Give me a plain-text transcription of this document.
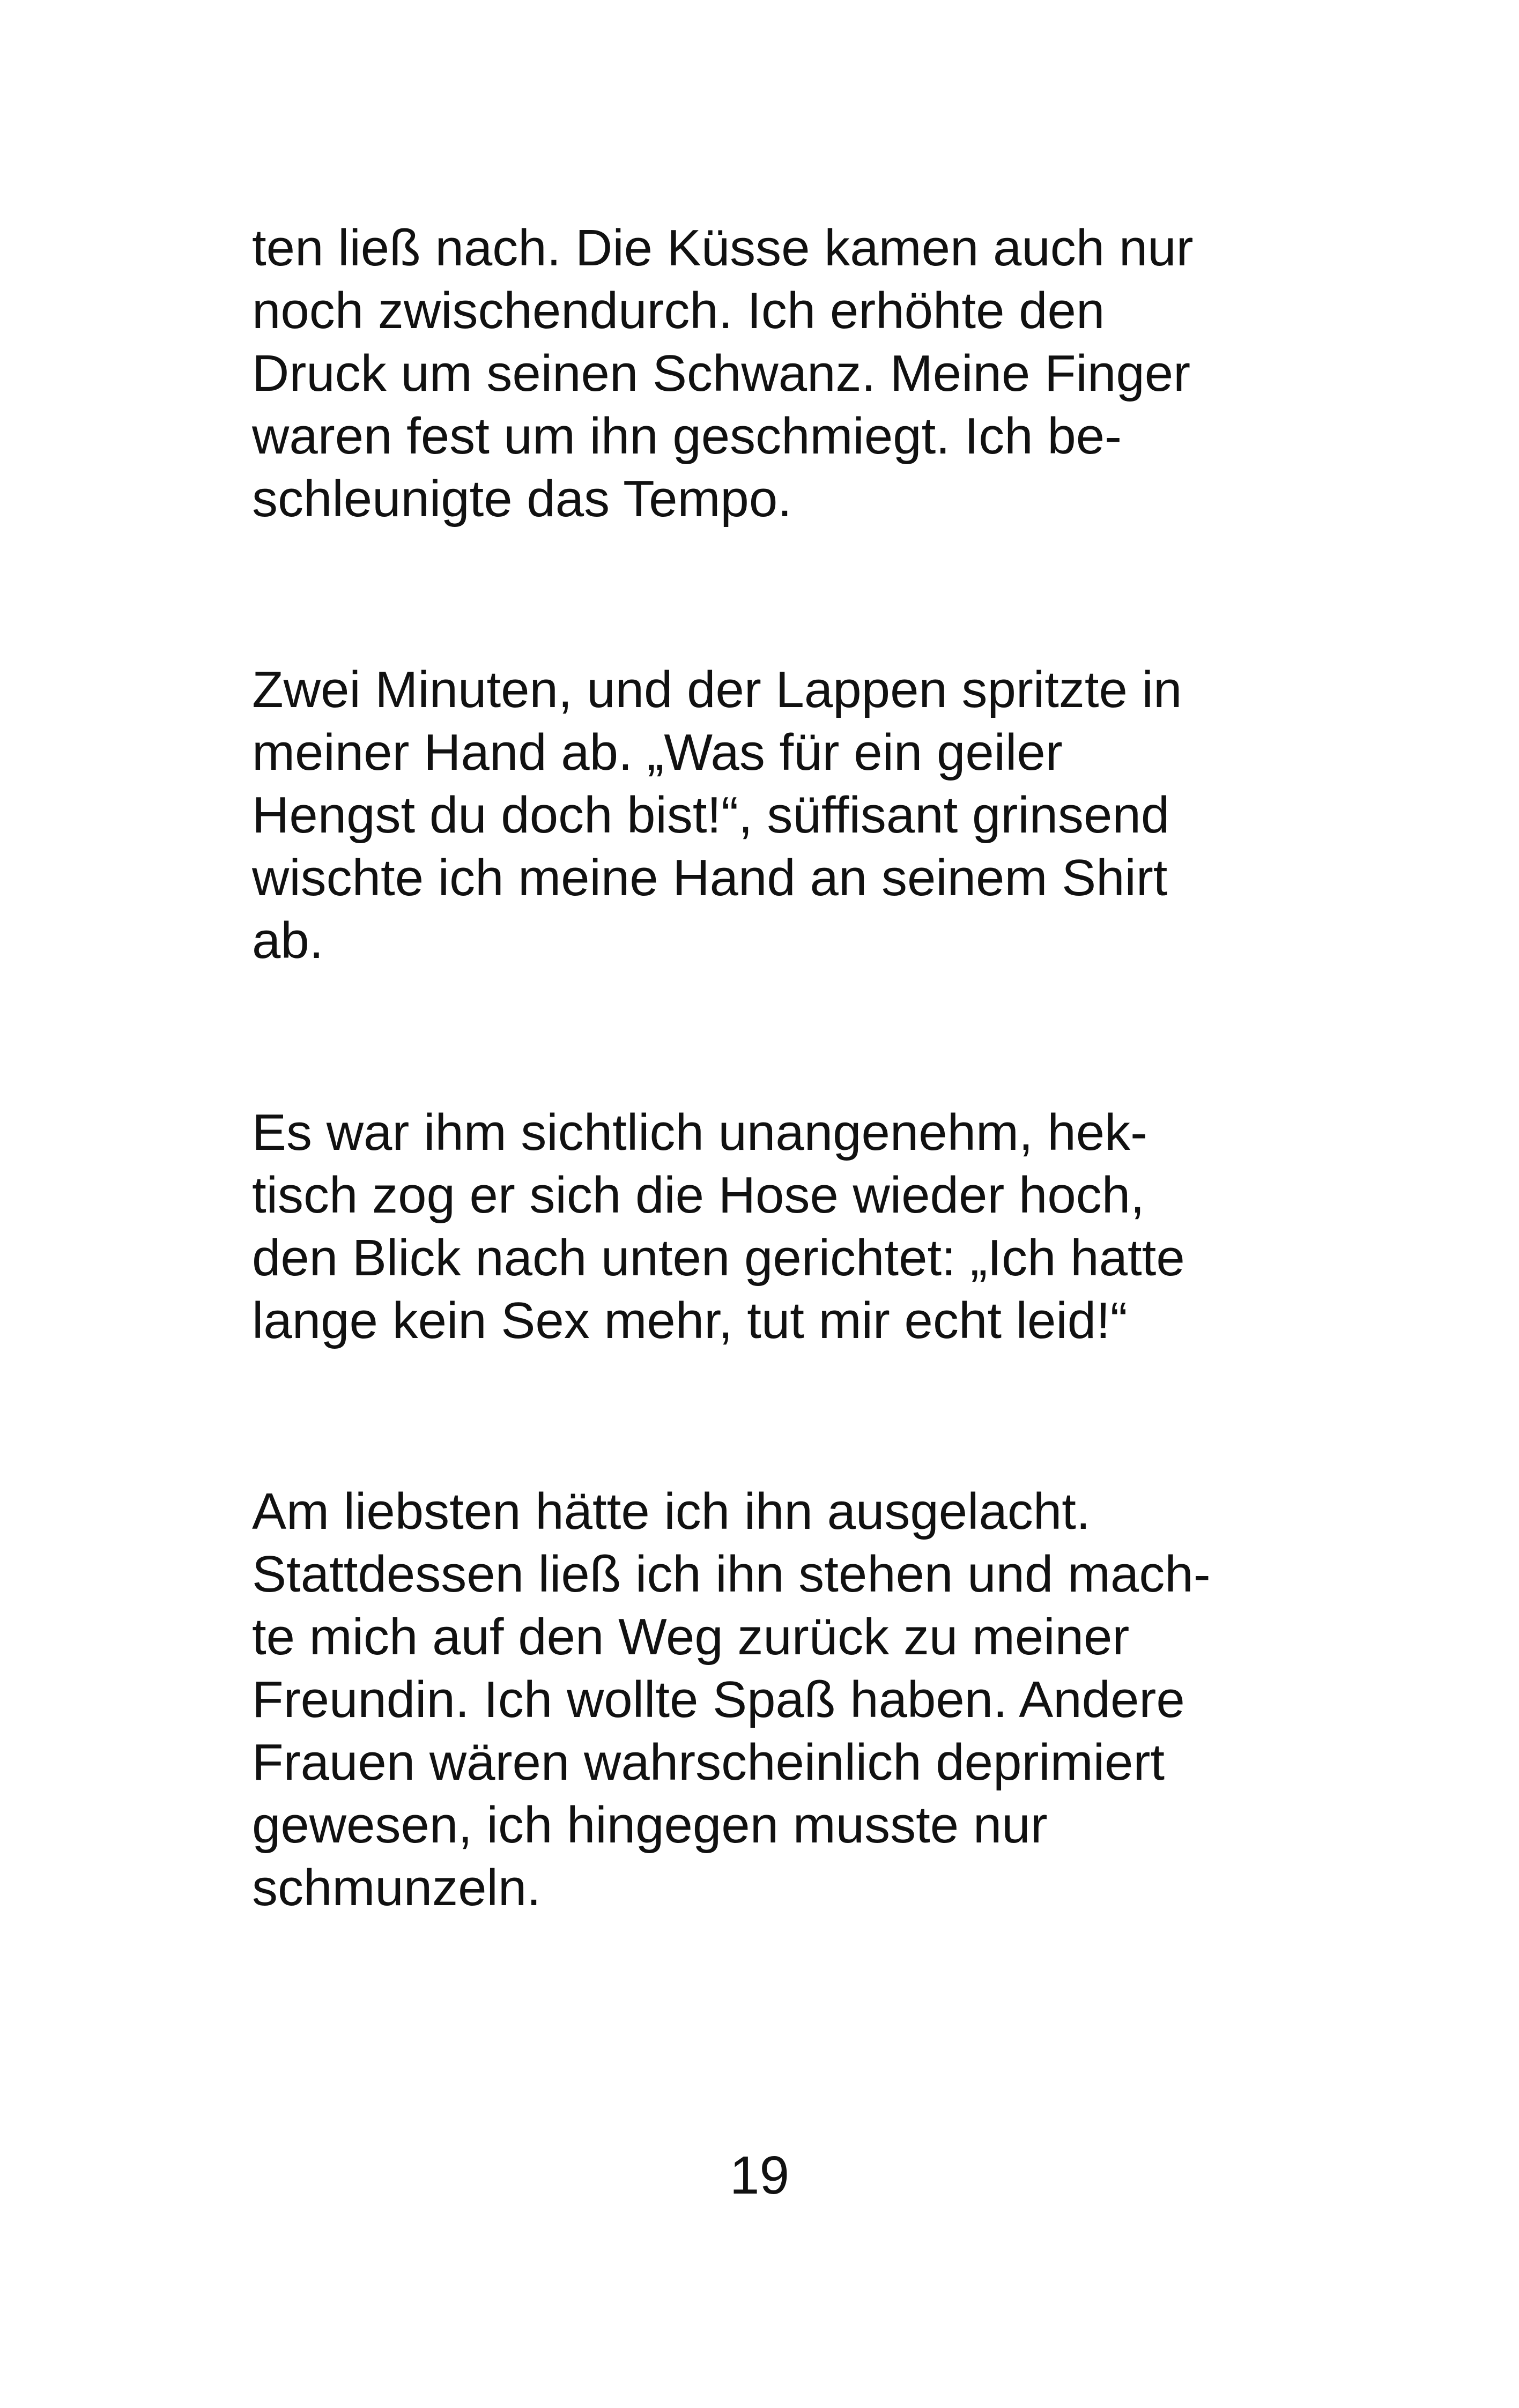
ten ließ nach. Die Küsse kamen auch nur
noch zwischendurch. Ich erhöhte den
Druck um seinen Schwanz. Meine Finger
waren fest um ihn geschmiegt. Ich be-
schleunigte das Tempo.

Zwei Minuten, und der Lappen spritzte in
meiner Hand ab. „Was für ein geiler
Hengst du doch bist!“, süffisant grinsend
wischte ich meine Hand an seinem Shirt
ab.

Es war ihm sichtlich unangenehm, hek-
tisch zog er sich die Hose wieder hoch,
den Blick nach unten gerichtet: „Ich hatte
lange kein Sex mehr, tut mir echt leid!“

Am liebsten hätte ich ihn ausgelacht.
Stattdessen ließ ich ihn stehen und mach-
te mich auf den Weg zurück zu meiner
Freundin. Ich wollte Spaß haben. Andere
Frauen wären wahrscheinlich deprimiert
gewesen, ich hingegen musste nur
schmunzeln.

19
